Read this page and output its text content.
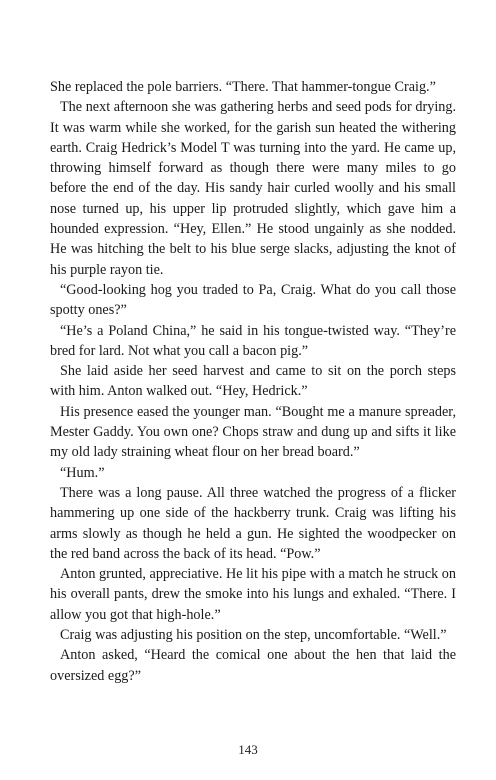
She replaced the pole barriers. “There. That hammer-tongue Craig.”

The next afternoon she was gathering herbs and seed pods for drying. It was warm while she worked, for the garish sun heated the withering earth. Craig Hedrick’s Model T was turning into the yard. He came up, throwing himself forward as though there were many miles to go before the end of the day. His sandy hair curled woolly and his small nose turned up, his upper lip protruded slightly, which gave him a hounded expression. “Hey, Ellen.” He stood ungainly as she nodded. He was hitching the belt to his blue serge slacks, adjusting the knot of his purple rayon tie.

“Good-looking hog you traded to Pa, Craig. What do you call those spotty ones?”

“He’s a Poland China,” he said in his tongue-twisted way. “They’re bred for lard. Not what you call a bacon pig.”

She laid aside her seed harvest and came to sit on the porch steps with him. Anton walked out. “Hey, Hedrick.”

His presence eased the younger man. “Bought me a manure spreader, Mester Gaddy. You own one? Chops straw and dung up and sifts it like my old lady straining wheat flour on her bread board.”

“Hum.”

There was a long pause. All three watched the progress of a flicker hammering up one side of the hackberry trunk. Craig was lifting his arms slowly as though he held a gun. He sighted the woodpecker on the red band across the back of its head. “Pow.”

Anton grunted, appreciative. He lit his pipe with a match he struck on his overall pants, drew the smoke into his lungs and exhaled. “There. I allow you got that high-hole.”

Craig was adjusting his position on the step, uncomfortable. “Well.”

Anton asked, “Heard the comical one about the hen that laid the oversized egg?”

143
